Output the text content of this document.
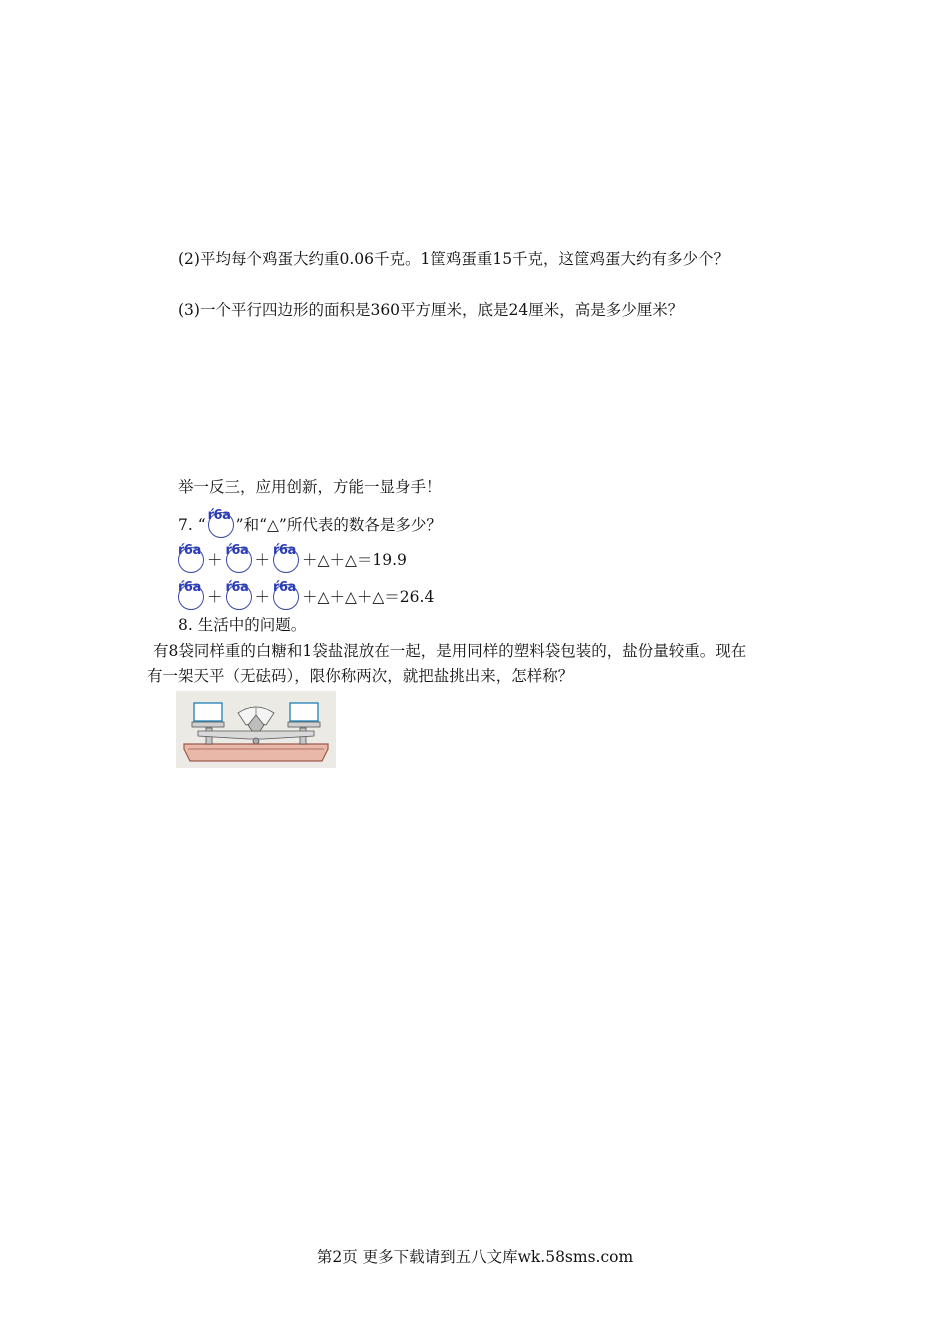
(2)平均每个鸡蛋大约重0.06千克。1筐鸡蛋重15千克，这筐鸡蛋大约有多少个？
(3)一个平行四边形的面积是360平方厘米，底是24厘米，高是多少厘米？
举一反三，应用创新，方能一显身手！
7. “
ŕ6a
”和“△”所代表的数各是多少？
ŕ6a
＋
ŕ6a
＋
ŕ6a
＋△＋△＝19.9
ŕ6a
＋
ŕ6a
＋
ŕ6a
＋△＋△＋△＝26.4
8. 生活中的问题。
有8袋同样重的白糖和1袋盐混放在一起，是用同样的塑料袋包装的，盐份量较重。现在
有一架天平（无砝码），限你称两次，就把盐挑出来，怎样称？
第2页 更多下载请到五八文库wk.58sms.com
